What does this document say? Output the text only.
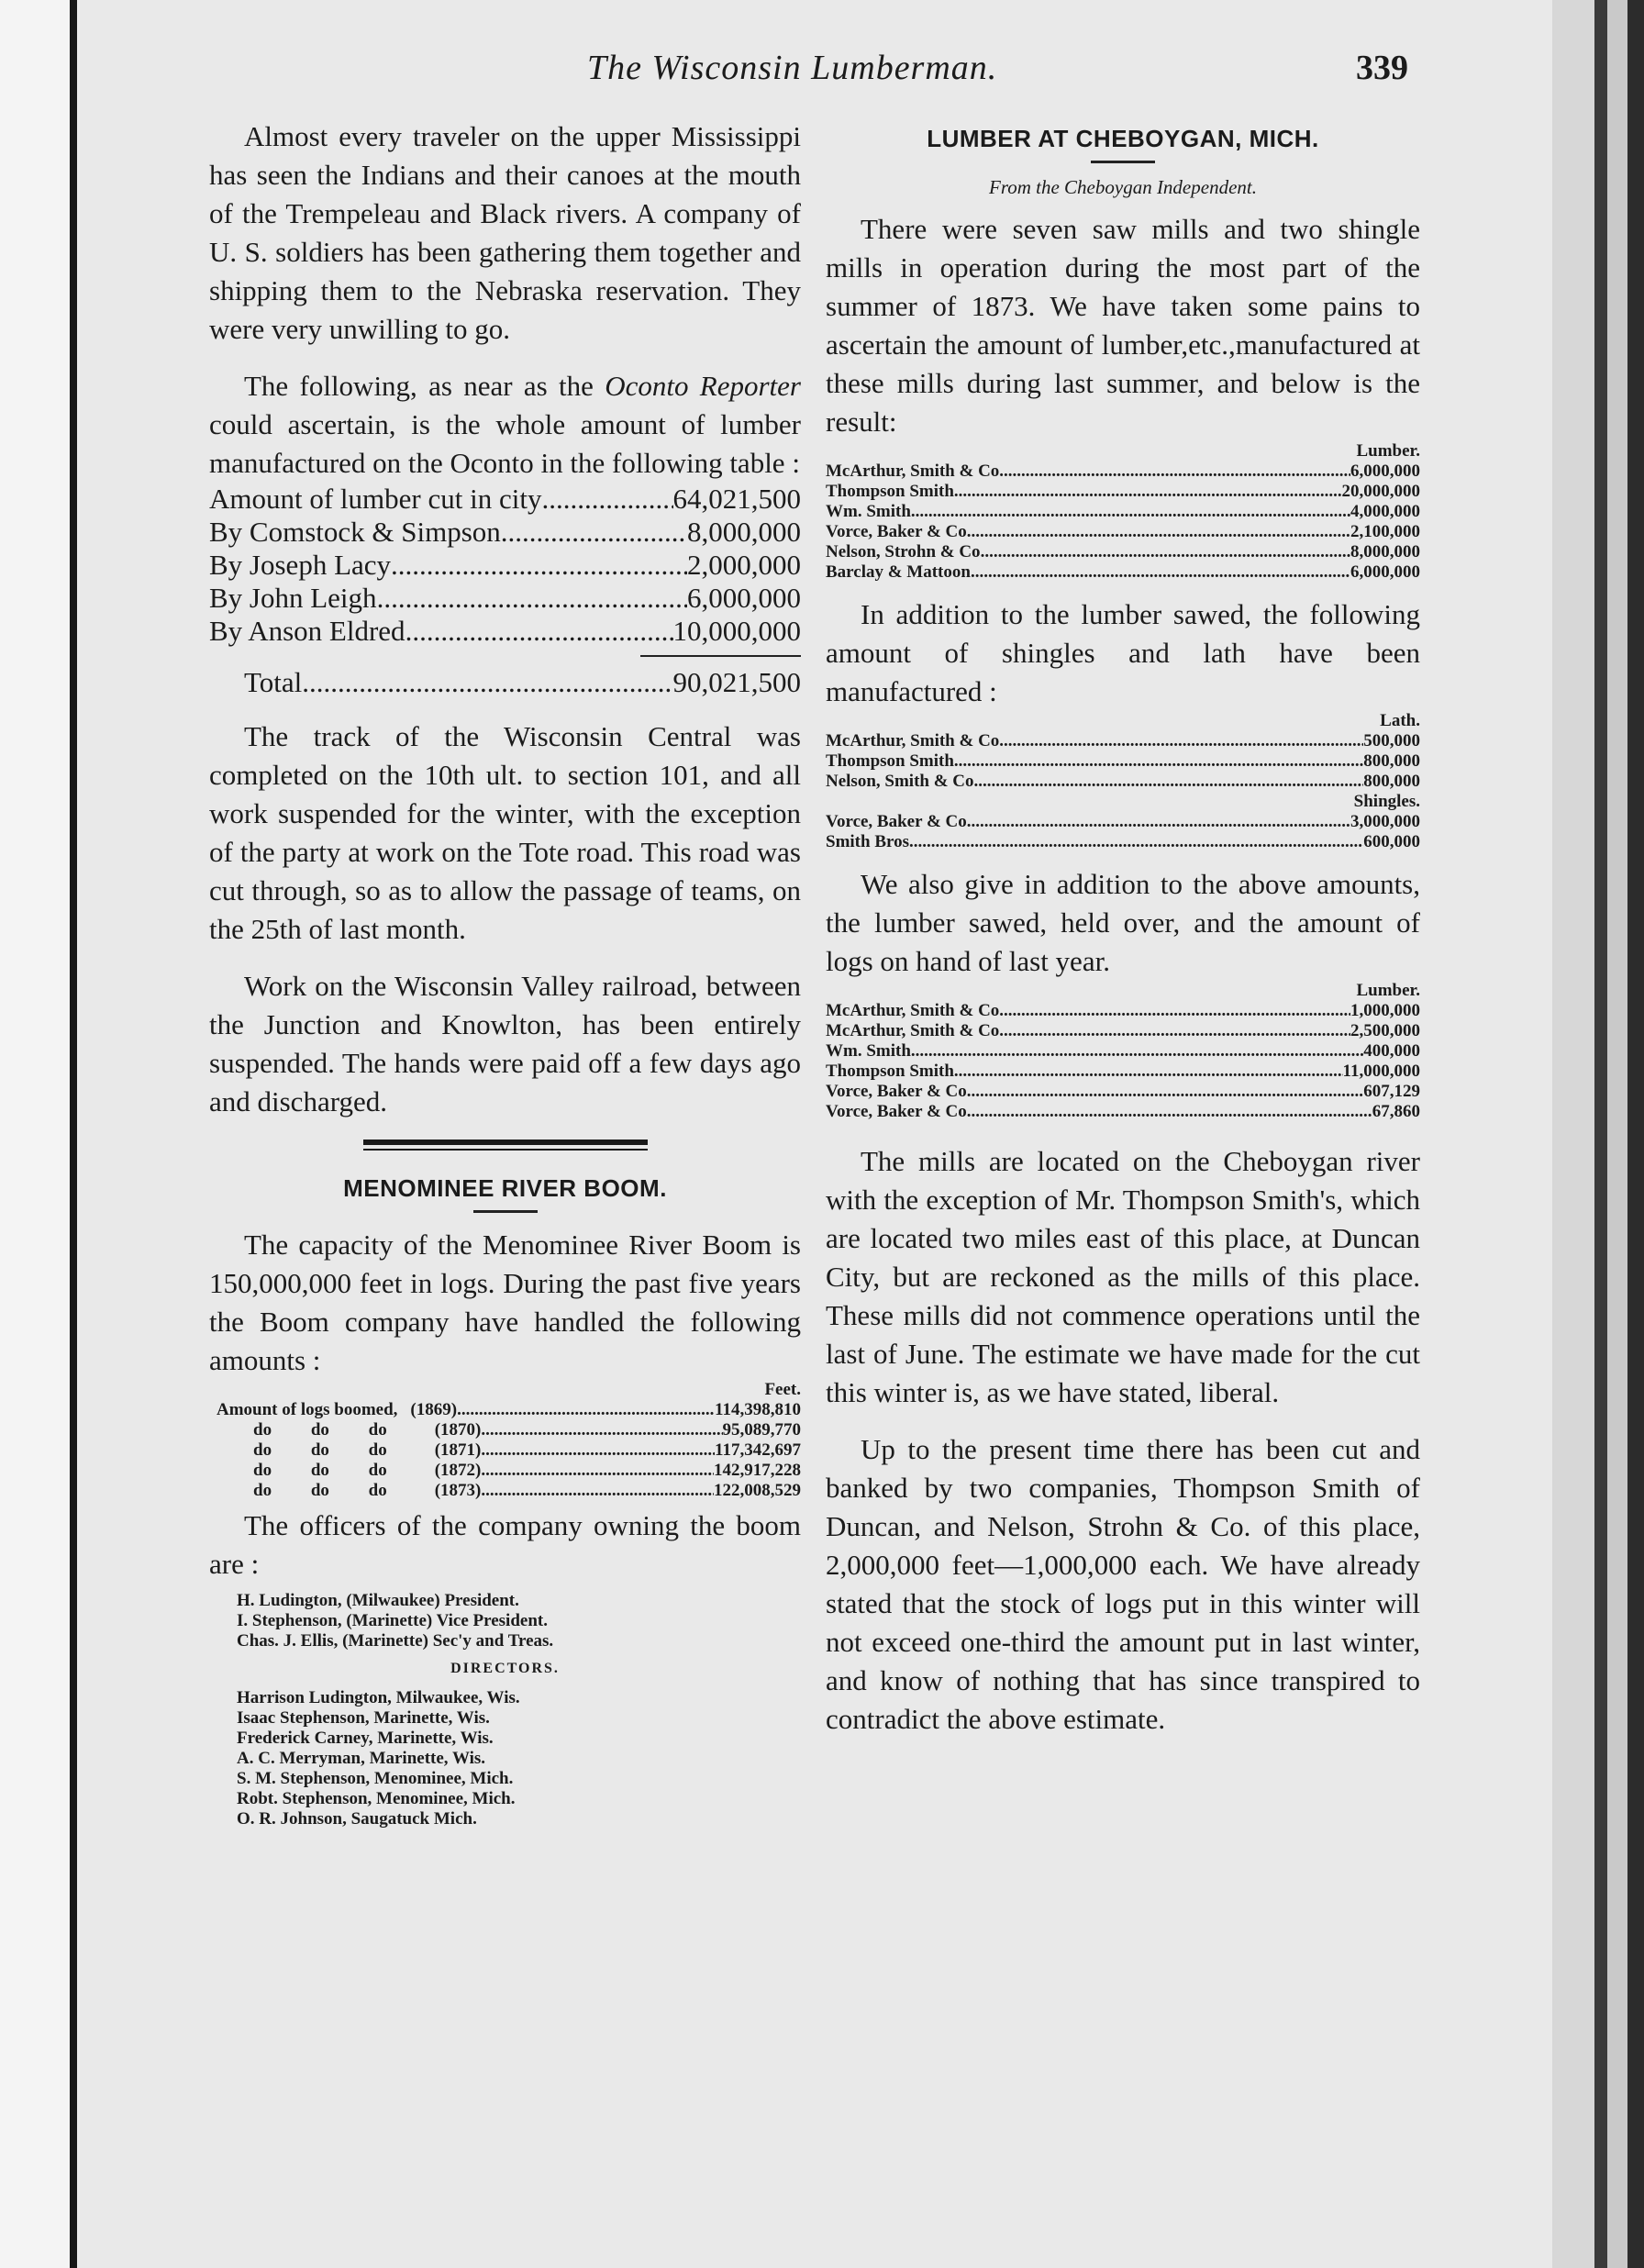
The Wisconsin Lumberman.	339

Almost every traveler on the upper Mississippi has seen the Indians and their canoes at the mouth of the Trempeleau and Black rivers. A company of U. S. soldiers has been gathering them together and shipping them to the Nebraska reservation. They were very unwilling to go.

The following, as near as the Oconto Reporter could ascertain, is the whole amount of lumber manufactured on the Oconto in the following table :

Amount of lumber cut in city .....	64,021,500
By Comstock & Simpson .....	8,000,000
By Joseph Lacy .....	2,000,000
By John Leigh .....	6,000,000
By Anson Eldred .....	10,000,000
Total .....	90,021,500

The track of the Wisconsin Central was completed on the 10th ult. to section 101, and all work suspended for the winter, with the exception of the party at work on the Tote road. This road was cut through, so as to allow the passage of teams, on the 25th of last month.

Work on the Wisconsin Valley railroad, between the Junction and Knowlton, has been entirely suspended. The hands were paid off a few days ago and discharged.

MENOMINEE RIVER BOOM.

The capacity of the Menominee River Boom is 150,000,000 feet in logs. During the past five years the Boom company have handled the following amounts :

Feet.
Amount of logs boomed, (1869) .....	114,398,810
do do do	(1870) .....	95,089,770
do do do	(1871) .....	117,342,697
do do do	(1872) .....	142,917,228
do do do	(1873) .....	122,008,529

The officers of the company owning the boom are :

H. Ludington, (Milwaukee) President.
I. Stephenson, (Marinette) Vice President.
Chas. J. Ellis, (Marinette) Sec'y and Treas.
DIRECTORS.
Harrison Ludington, Milwaukee, Wis.
Isaac Stephenson, Marinette, Wis.
Frederick Carney, Marinette, Wis.
A. C. Merryman, Marinette, Wis.
S. M. Stephenson, Menominee, Mich.
Robt. Stephenson, Menominee, Mich.
O. R. Johnson, Saugatuck Mich.

LUMBER AT CHEBOYGAN, MICH.

From the Cheboygan Independent.

There were seven saw mills and two shingle mills in operation during the most part of the summer of 1873. We have taken some pains to ascertain the amount of lumber,etc.,manufactured at these mills during last summer, and below is the result:

Lumber.
McArthur, Smith & Co .....	6,000,000
Thompson Smith .....	20,000,000
Wm. Smith .....	4,000,000
Vorce, Baker & Co .....	2,100,000
Nelson, Strohn & Co .....	8,000,000
Barclay & Mattoon .....	6,000,000

In addition to the lumber sawed, the following amount of shingles and lath have been manufactured :

Lath.
McArthur, Smith & Co .....	500,000
Thompson Smith .....	800,000
Nelson, Smith & Co .....	800,000
Shingles.
Vorce, Baker & Co .....	3,000,000
Smith Bros .....	600,000

We also give in addition to the above amounts, the lumber sawed, held over, and the amount of logs on hand of last year.

Lumber.
McArthur, Smith & Co .....	1,000,000
McArthur, Smith & Co .....	2,500,000
Wm. Smith .....	400,000
Thompson Smith .....	11,000,000
Vorce, Baker & Co .....	607,129
Vorce, Baker & Co .....	67,860

The mills are located on the Cheboygan river with the exception of Mr. Thompson Smith's, which are located two miles east of this place, at Duncan City, but are reckoned as the mills of this place. These mills did not commence operations until the last of June. The estimate we have made for the cut this winter is, as we have stated, liberal.

Up to the present time there has been cut and banked by two companies, Thompson Smith of Duncan, and Nelson, Strohn & Co. of this place, 2,000,000 feet—1,000,000 each. We have already stated that the stock of logs put in this winter will not exceed one-third the amount put in last winter, and know of nothing that has since transpired to contradict the above estimate.
